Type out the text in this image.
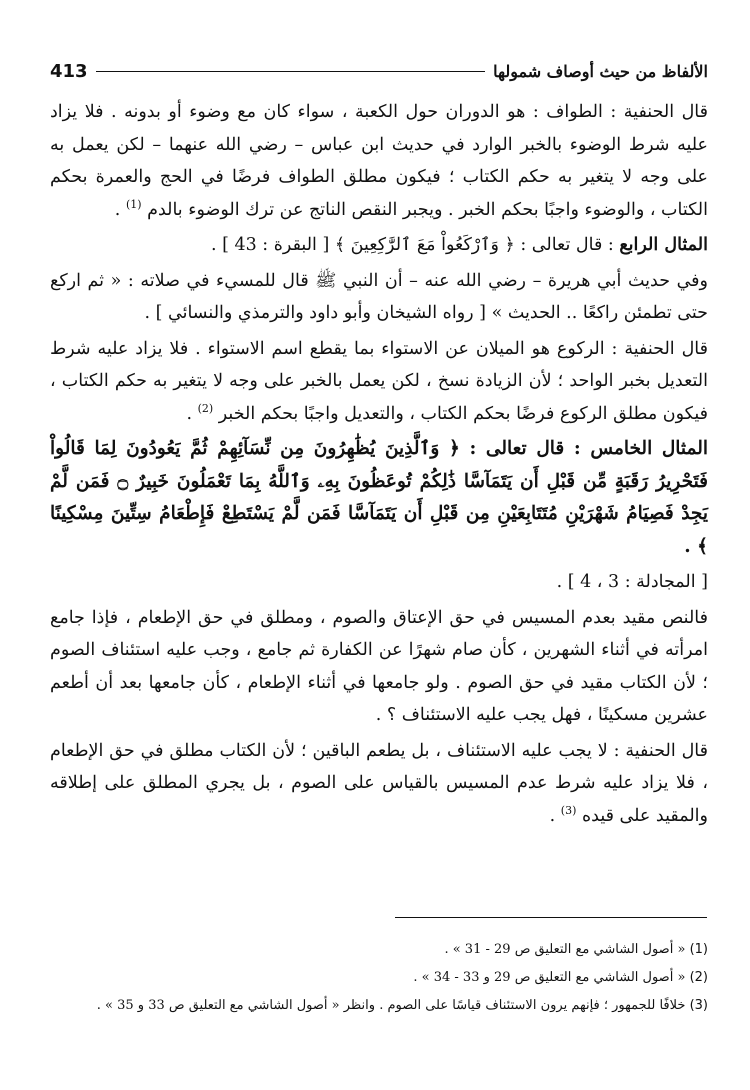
413	الألفاظ من حيث أوصاف شمولها

قال الحنفية : الطواف : هو الدوران حول الكعبة ، سواء كان مع وضوء أو بدونه . فلا يزاد عليه شرط الوضوء بالخبر الوارد في حديث ابن عباس – رضي الله عنهما – لكن يعمل به على وجه لا يتغير به حكم الكتاب ؛ فيكون مطلق الطواف فرضًا في الحج والعمرة بحكم الكتاب ، والوضوء واجبًا بحكم الخبر . ويجبر النقص الناتج عن ترك الوضوء بالدم $^{(1)}$ .

المثال الرابع : قال تعالى : ﴿ وَٱرْكَعُواْ مَعَ ٱلرَّٰكِعِينَ ﴾ [ البقرة : 43 ] .

وفي حديث أبي هريرة – رضي الله عنه – أن النبي ﷺ قال للمسيء في صلاته : « ثم اركع حتى تطمئن راكعًا .. الحديث » [ رواه الشيخان وأبو داود والترمذي والنسائي ] .

قال الحنفية : الركوع هو الميلان عن الاستواء بما يقطع اسم الاستواء . فلا يزاد عليه شرط التعديل بخبر الواحد ؛ لأن الزيادة نسخ ، لكن يعمل بالخبر على وجه لا يتغير به حكم الكتاب ، فيكون مطلق الركوع فرضًا بحكم الكتاب ، والتعديل واجبًا بحكم الخبر $^{(2)}$ .

المثال الخامس : قال تعالى : ﴿ وَٱلَّذِينَ يُظَٰهِرُونَ مِن نِّسَآئِهِمْ ثُمَّ يَعُودُونَ لِمَا قَالُواْ فَتَحْرِيرُ رَقَبَةٍ مِّن قَبْلِ أَن يَتَمَآسَّا ذَٰلِكُمْ تُوعَظُونَ بِهِۦ وَٱللَّهُ بِمَا تَعْمَلُونَ خَبِيرٌ ۝ فَمَن لَّمْ يَجِدْ فَصِيَامُ شَهْرَيْنِ مُتَتَابِعَيْنِ مِن قَبْلِ أَن يَتَمَآسَّا فَمَن لَّمْ يَسْتَطِعْ فَإِطْعَامُ سِتِّينَ مِسْكِينًا ﴾ .

[ المجادلة : 3 ، 4 ] .

فالنص مقيد بعدم المسيس في حق الإعتاق والصوم ، ومطلق في حق الإطعام ، فإذا جامع امرأته في أثناء الشهرين ، كأن صام شهرًا عن الكفارة ثم جامع ، وجب عليه استئناف الصوم ؛ لأن الكتاب مقيد في حق الصوم . ولو جامعها في أثناء الإطعام ، كأن جامعها بعد أن أطعم عشرين مسكينًا ، فهل يجب عليه الاستئناف ؟ .

قال الحنفية : لا يجب عليه الاستئناف ، بل يطعم الباقين ؛ لأن الكتاب مطلق في حق الإطعام ، فلا يزاد عليه شرط عدم المسيس بالقياس على الصوم ، بل يجري المطلق على إطلاقه والمقيد على قيده $^{(3)}$ .

(1) « أصول الشاشي مع التعليق ص 29 - 31 » .

(2) « أصول الشاشي مع التعليق ص 29 و 33 - 34 » .

(3) خلافًا للجمهور ؛ فإنهم يرون الاستئناف قياسًا على الصوم . وانظر « أصول الشاشي مع التعليق ص 33 و 35 » .
